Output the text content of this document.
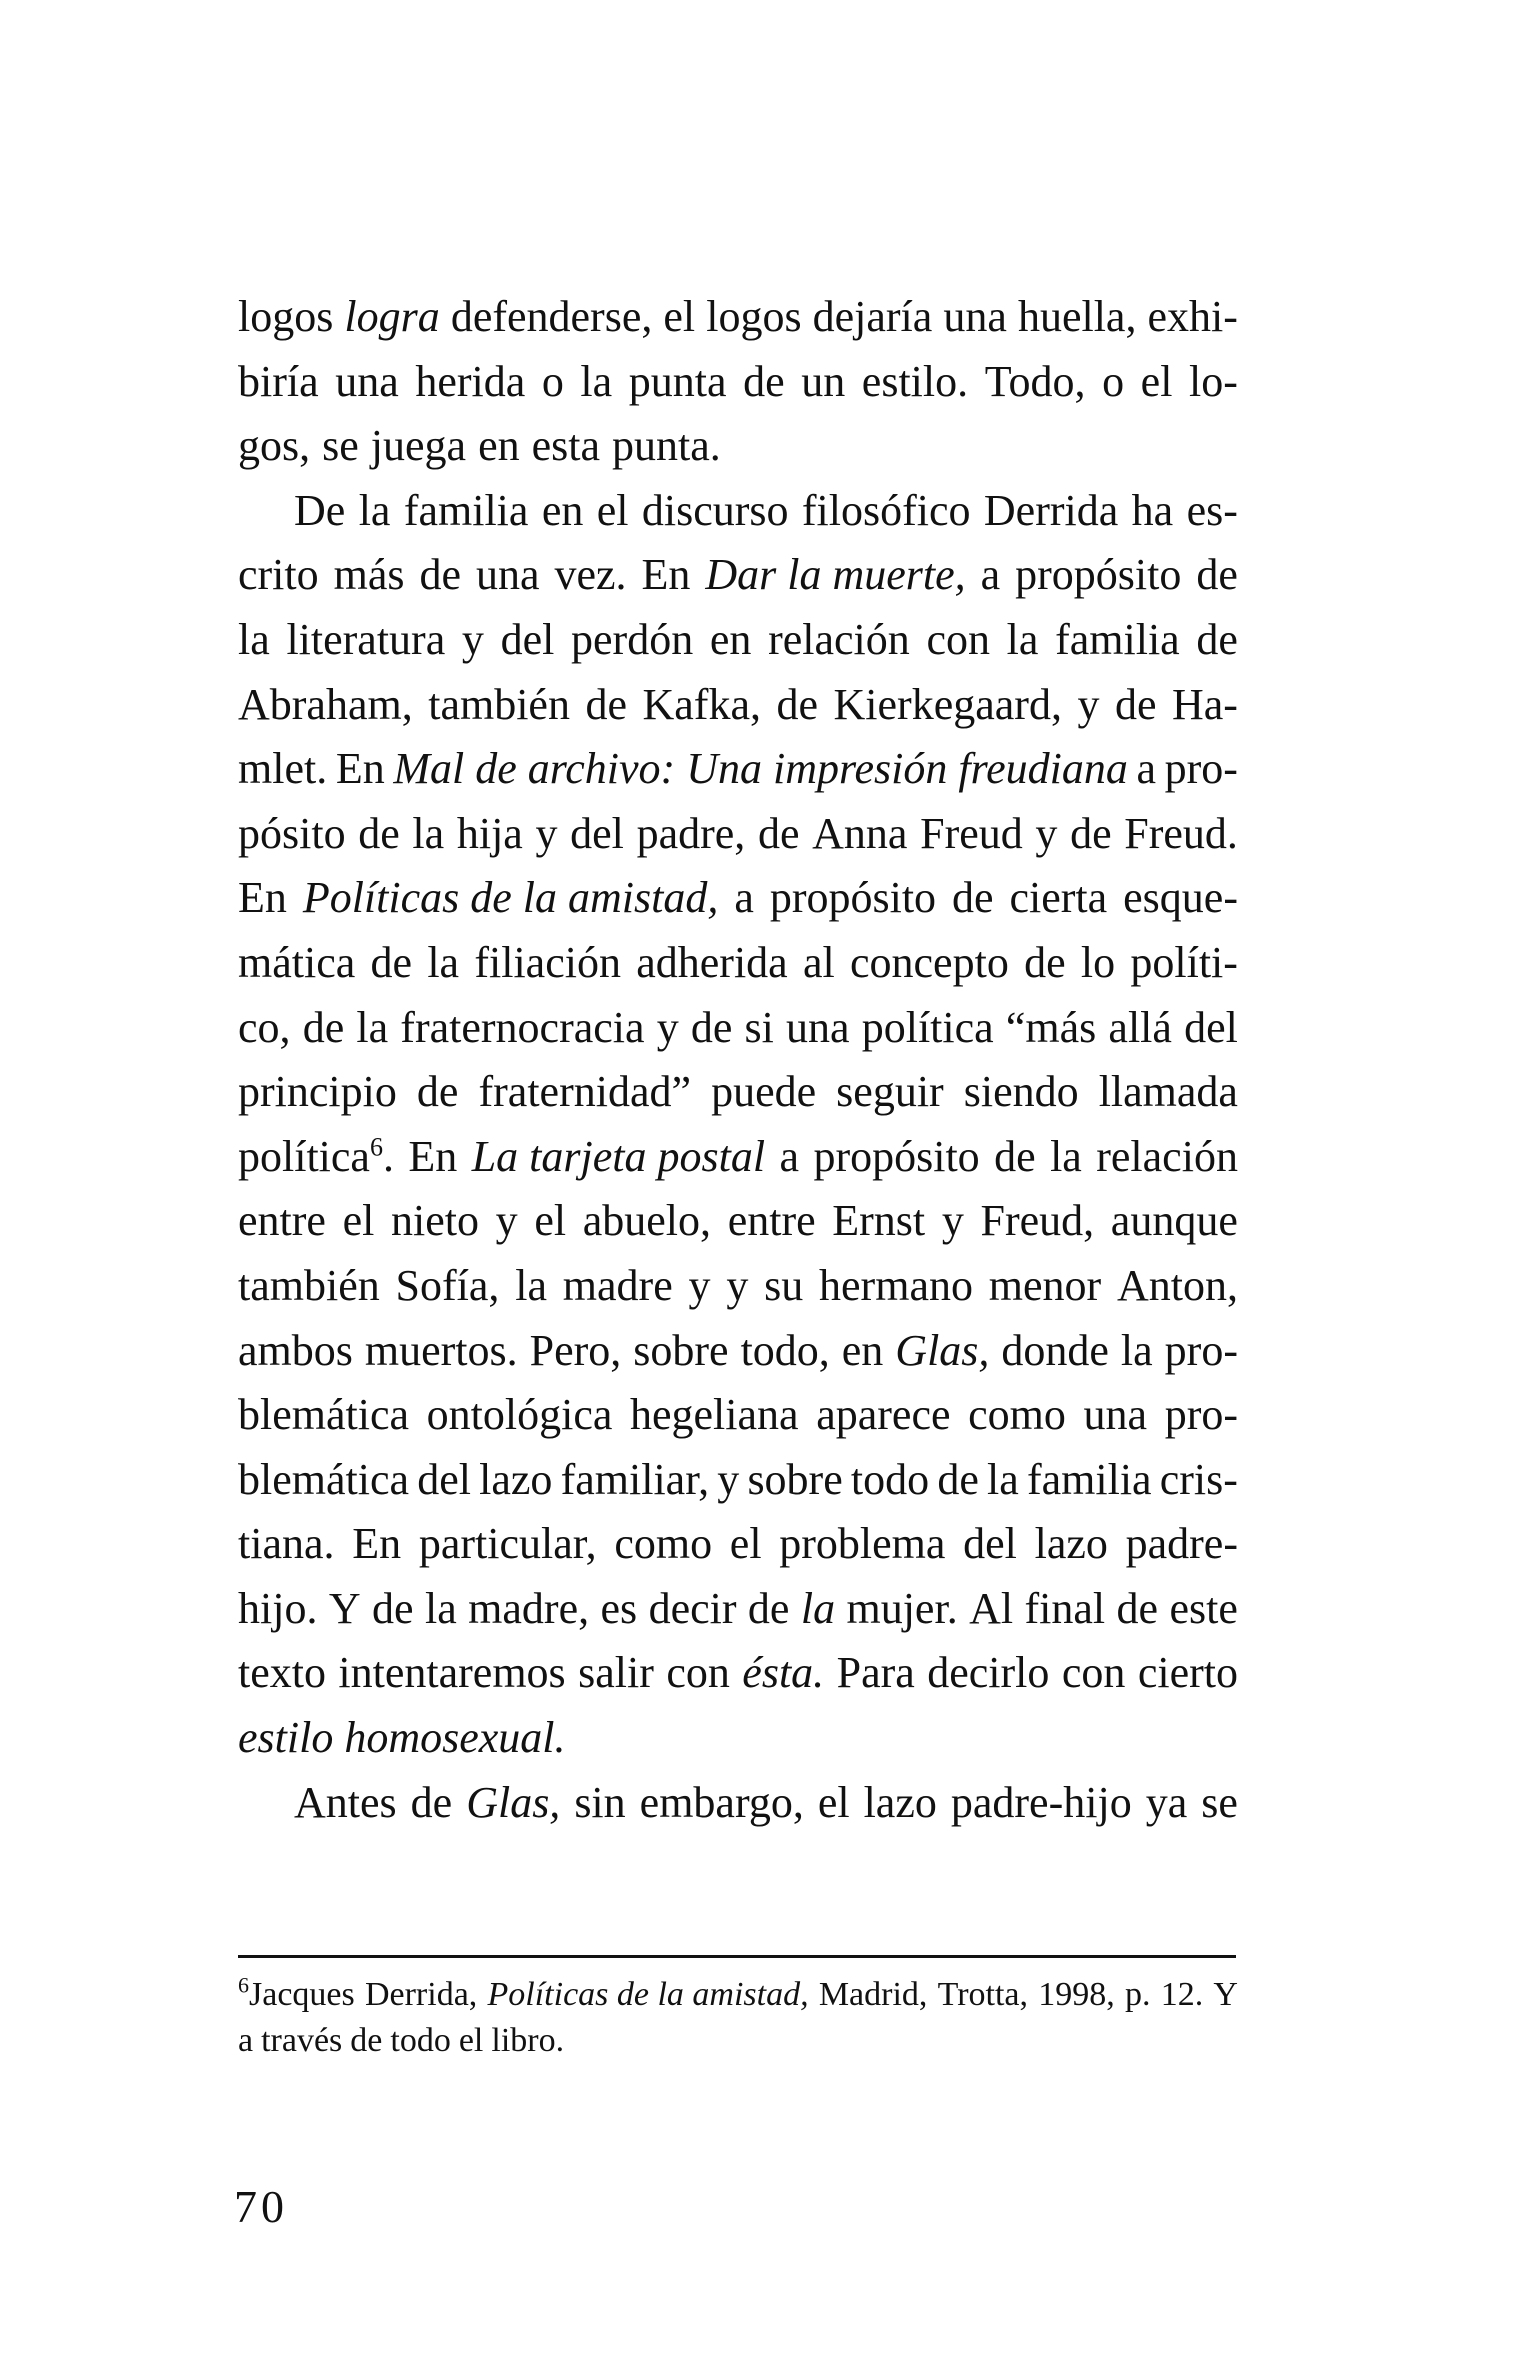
logos logra defenderse, el logos dejaría una huella, exhi-
biría una herida o la punta de un estilo. Todo, o el lo-
gos, se juega en esta punta.
De la familia en el discurso filosófico Derrida ha es-
crito más de una vez. En Dar la muerte, a propósito de
la literatura y del perdón en relación con la familia de
Abraham, también de Kafka, de Kierkegaard, y de Ha-
mlet. En Mal de archivo: Una impresión freudiana a pro-
pósito de la hija y del padre, de Anna Freud y de Freud.
En Políticas de la amistad, a propósito de cierta esque-
mática de la filiación adherida al concepto de lo políti-
co, de la fraternocracia y de si una política “más allá del
principio de fraternidad” puede seguir siendo llamada
política$^6$. En La tarjeta postal a propósito de la relación
entre el nieto y el abuelo, entre Ernst y Freud, aunque
también Sofía, la madre y y su hermano menor Anton,
ambos muertos. Pero, sobre todo, en Glas, donde la pro-
blemática ontológica hegeliana aparece como una pro-
blemática del lazo familiar, y sobre todo de la familia cris-
tiana. En particular, como el problema del lazo padre-
hijo. Y de la madre, es decir de la mujer. Al final de este
texto intentaremos salir con ésta. Para decirlo con cierto
estilo homosexual.
Antes de Glas, sin embargo, el lazo padre-hijo ya se
$^6$Jacques Derrida, Políticas de la amistad, Madrid, Trotta, 1998, p. 12. Y
a través de todo el libro.
70
